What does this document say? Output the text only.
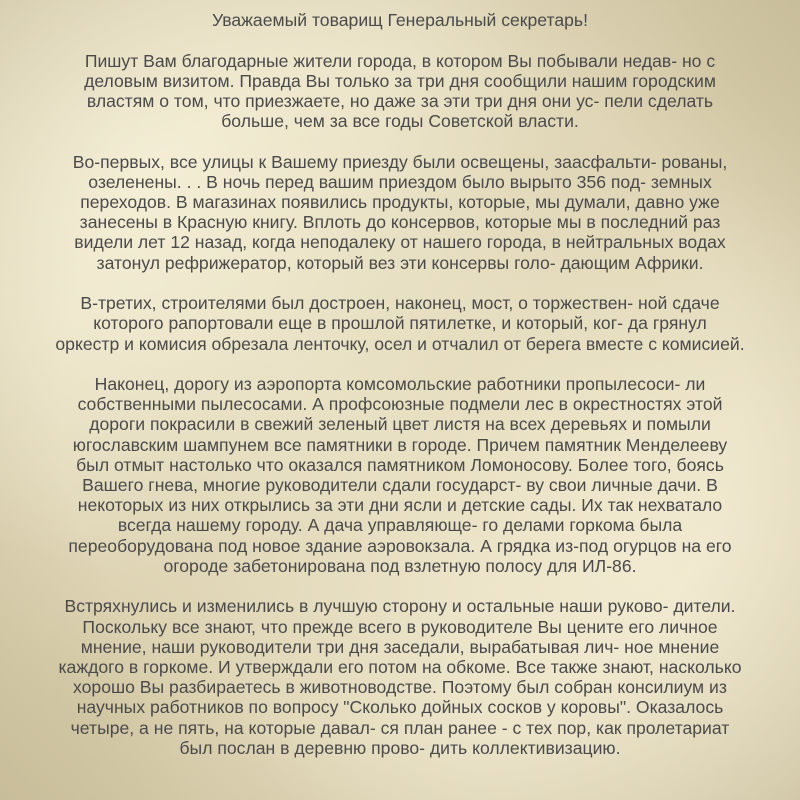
Уважаемый товарищ Генеральный секретарь!
Пишут Вам благодарные жители города, в котором Вы побывали недав- но с
деловым визитом. Правда Вы только за три дня сообщили нашим городским
властям о том, что приезжаете, но даже за эти три дня они ус- пели сделать
больше, чем за все годы Советской власти.
Во-первых, все улицы к Вашему приезду были освещены, заасфальти- рованы,
озеленены. . . В ночь перед вашим приездом было вырыто 356 под- земных
переходов. В магазинах появились продукты, которые, мы думали, давно уже
занесены в Красную книгу. Вплоть до консервов, которые мы в последний раз
видели лет 12 назад, когда неподалеку от нашего города, в нейтральных водах
затонул рефрижератор, который вез эти консервы голо- дающим Африки.
В-третих, строителями был достроен, наконец, мост, о торжествен- ной сдаче
которого рапортовали еще в прошлой пятилетке, и который, ког- да грянул
оркестр и комисия обрезала ленточку, осел и отчалил от берега вместе с комисией.
Наконец, дорогу из аэропорта комсомольские работники пропылесоси- ли
собственными пылесосами. А профсоюзные подмели лес в окрестностях этой
дороги покрасили в свежий зеленый цвет листя на всех деревьях и помыли
югославским шампунем все памятники в городе. Причем памятник Менделееву
был отмыт настолько что оказался памятником Ломоносову. Более того, боясь
Вашего гнева, многие руководители сдали государст- ву свои личные дачи. В
некоторых из них открылись за эти дни ясли и детские сады. Их так нехватало
всегда нашему городу. А дача управляюще- го делами горкома была
переоборудована под новое здание аэровокзала. А грядка из-под огурцов на его
огороде забетонирована под взлетную полосу для ИЛ-86.
Встряхнулись и изменились в лучшую сторону и остальные наши руково- дители.
Поскольку все знают, что прежде всего в руководителе Вы цените его личное
мнение, наши руководители три дня заседали, вырабатывая лич- ное мнение
каждого в горкоме. И утверждали его потом на обкоме. Все также знают, насколько
хорошо Вы разбираетесь в животноводстве. Поэтому был собран консилиум из
научных работников по вопросу "Сколько дойных сосков у коровы". Оказалось
четыре, а не пять, на которые давал- ся план ранее - с тех пор, как пролетариат
был послан в деревню прово- дить коллективизацию.
